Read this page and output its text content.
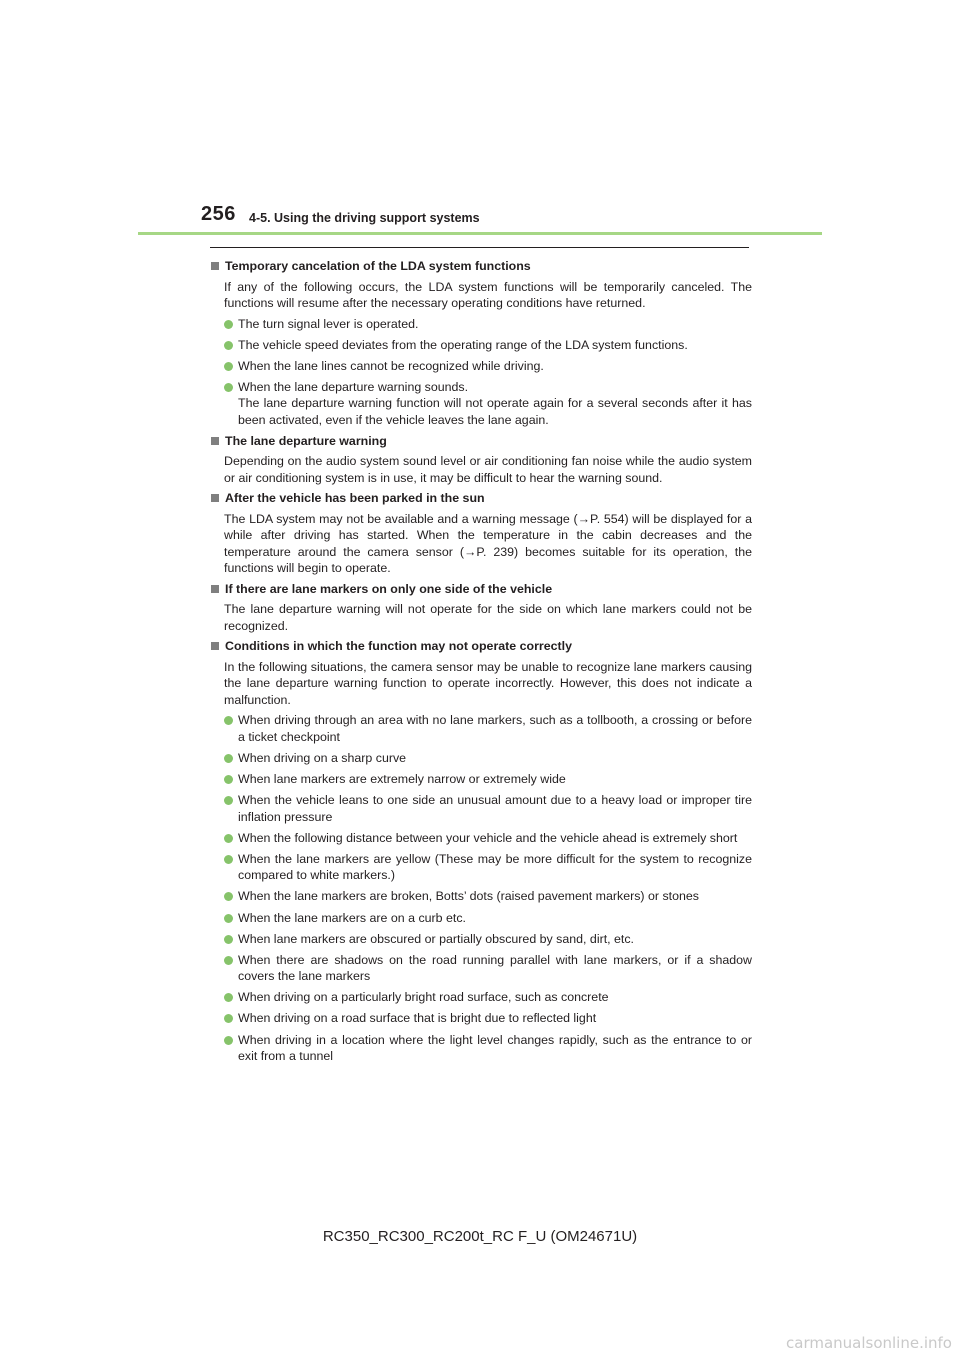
256 4-5. Using the driving support systems
Temporary cancelation of the LDA system functions
If any of the following occurs, the LDA system functions will be temporarily canceled. The functions will resume after the necessary operating conditions have returned.
The turn signal lever is operated.
The vehicle speed deviates from the operating range of the LDA system functions.
When the lane lines cannot be recognized while driving.
When the lane departure warning sounds.
The lane departure warning function will not operate again for a several seconds after it has been activated, even if the vehicle leaves the lane again.
The lane departure warning
Depending on the audio system sound level or air conditioning fan noise while the audio system or air conditioning system is in use, it may be difficult to hear the warning sound.
After the vehicle has been parked in the sun
The LDA system may not be available and a warning message (→P. 554) will be displayed for a while after driving has started. When the temperature in the cabin decreases and the temperature around the camera sensor (→P. 239) becomes suitable for its operation, the functions will begin to operate.
If there are lane markers on only one side of the vehicle
The lane departure warning will not operate for the side on which lane markers could not be recognized.
Conditions in which the function may not operate correctly
In the following situations, the camera sensor may be unable to recognize lane markers causing the lane departure warning function to operate incorrectly. However, this does not indicate a malfunction.
When driving through an area with no lane markers, such as a tollbooth, a crossing or before a ticket checkpoint
When driving on a sharp curve
When lane markers are extremely narrow or extremely wide
When the vehicle leans to one side an unusual amount due to a heavy load or improper tire inflation pressure
When the following distance between your vehicle and the vehicle ahead is extremely short
When the lane markers are yellow (These may be more difficult for the system to recognize compared to white markers.)
When the lane markers are broken, Botts’ dots (raised pavement markers) or stones
When the lane markers are on a curb etc.
When lane markers are obscured or partially obscured by sand, dirt, etc.
When there are shadows on the road running parallel with lane markers, or if a shadow covers the lane markers
When driving on a particularly bright road surface, such as concrete
When driving on a road surface that is bright due to reflected light
When driving in a location where the light level changes rapidly, such as the entrance to or exit from a tunnel
RC350_RC300_RC200t_RC F_U (OM24671U)
carmanualsonline.info
